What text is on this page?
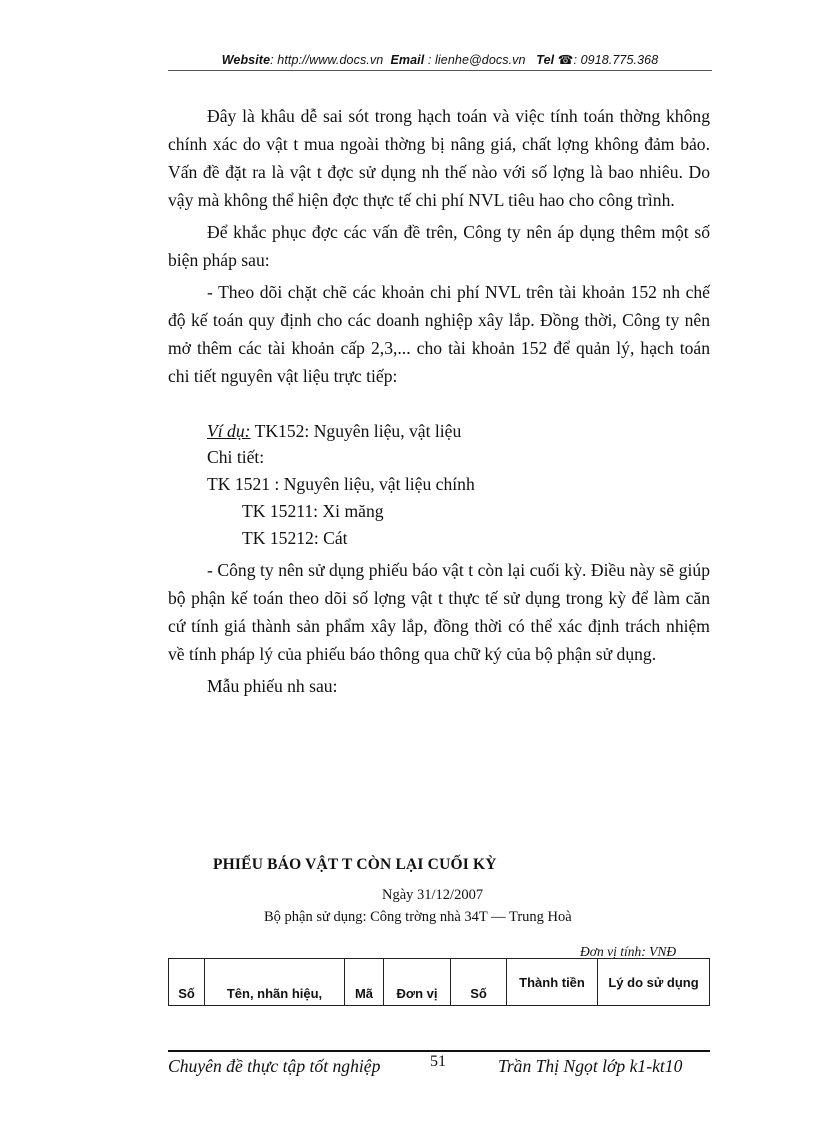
Website: http://www.docs.vn Email : lienhe@docs.vn Tel ☎: 0918.775.368

Đây là khâu dễ sai sót trong hạch toán và việc tính toán thờng không chính xác do vật t mua ngoài thờng bị nâng giá, chất lợng không đảm bảo. Vấn đề đặt ra là vật t đợc sử dụng nh thế nào với số lợng là bao nhiêu. Do vậy mà không thể hiện đợc thực tế chi phí NVL tiêu hao cho công trình.

Để khắc phục đợc các vấn đề trên, Công ty nên áp dụng thêm một số biện pháp sau:

- Theo dõi chặt chẽ các khoản chi phí NVL trên tài khoản 152 nh chế độ kế toán quy định cho các doanh nghiệp xây lắp. Đồng thời, Công ty nên mở thêm các tài khoản cấp 2,3,... cho tài khoản 152 để quản lý, hạch toán chi tiết nguyên vật liệu trực tiếp:

Ví dụ: TK152: Nguyên liệu, vật liệu
Chi tiết:
TK 1521 : Nguyên liệu, vật liệu chính
TK 15211: Xi măng
TK 15212: Cát

- Công ty nên sử dụng phiếu báo vật t còn lại cuối kỳ. Điều này sẽ giúp bộ phận kế toán theo dõi số lợng vật t thực tế sử dụng trong kỳ để làm căn cứ tính giá thành sản phẩm xây lắp, đồng thời có thể xác định trách nhiệm về tính pháp lý của phiếu báo thông qua chữ ký của bộ phận sử dụng.

Mẫu phiếu nh sau:

PHIẾU BÁO VẬT T CÒN LẠI CUỐI KỲ
Ngày 31/12/2007
Bộ phận sử dụng: Công trờng nhà 34T — Trung Hoà
Đơn vị tính: VNĐ
Số	Tên, nhãn hiệu,	Mã	Đơn vị	Số	Thành tiền	Lý do sử dụng
Chuyên đề thực tập tốt nghiệp	51	Trần Thị Ngọt lớp k1-kt10
